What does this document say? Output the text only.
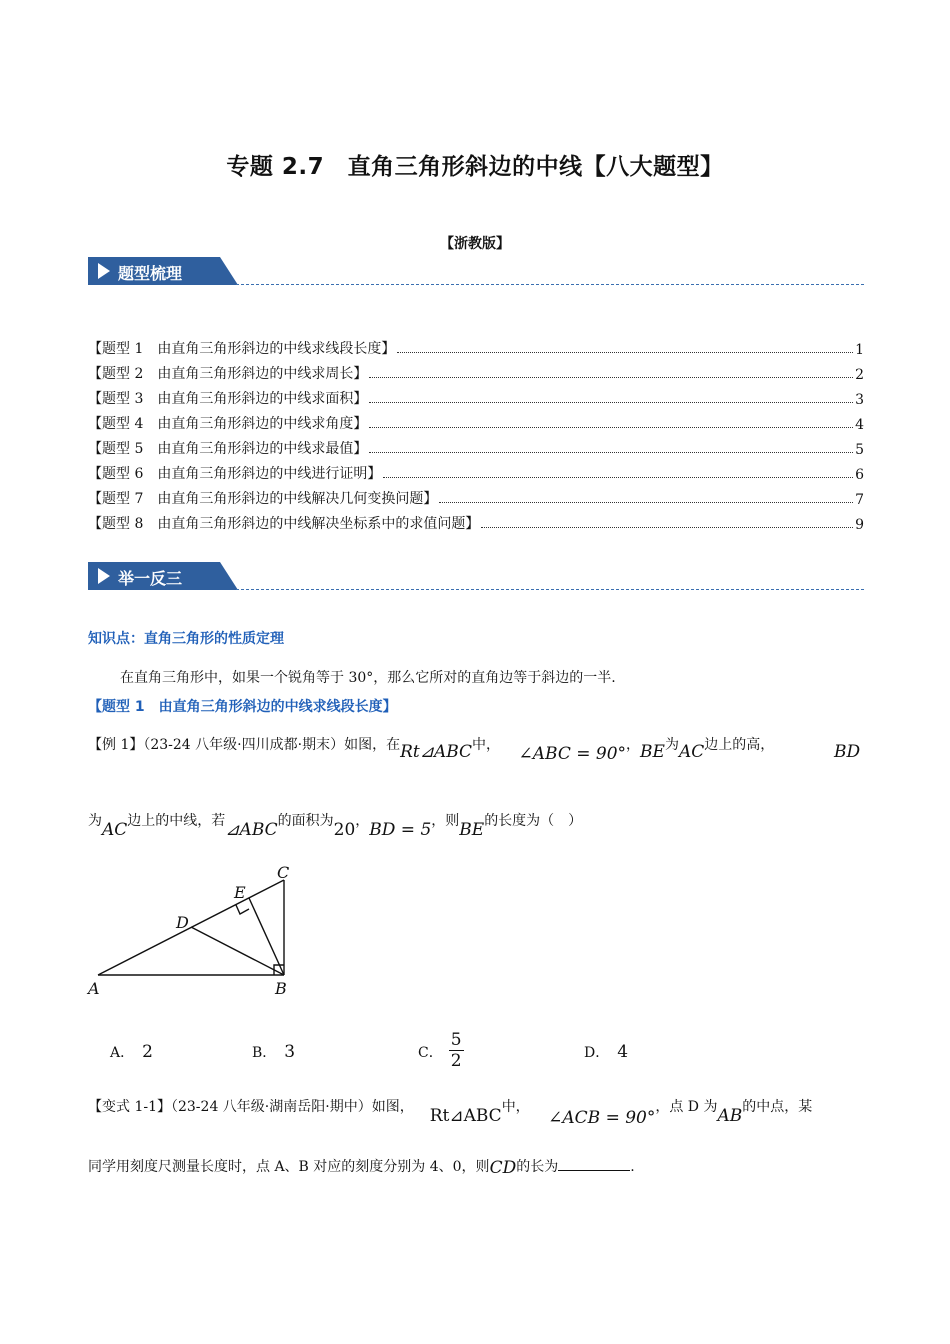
专题 2.7　直角三角形斜边的中线【八大题型】
【浙教版】
题型梳理
【题型 1　由直角三角形斜边的中线求线段长度】	1
【题型 2　由直角三角形斜边的中线求周长】	2
【题型 3　由直角三角形斜边的中线求面积】	3
【题型 4　由直角三角形斜边的中线求角度】	4
【题型 5　由直角三角形斜边的中线求最值】	5
【题型 6　由直角三角形斜边的中线进行证明】	6
【题型 7　由直角三角形斜边的中线解决几何变换问题】	7
【题型 8　由直角三角形斜边的中线解决坐标系中的求值问题】	9
举一反三
知识点：直角三角形的性质定理
在直角三角形中，如果一个锐角等于 30°，那么它所对的直角边等于斜边的一半.
【题型 1　由直角三角形斜边的中线求线段长度】
【例 1】（23-24 八年级·四川成都·期末）如图，在Rt⊿ABC中， ∠ABC = 90°，BE为AC边上的高，	BD
为AC边上的中线，若⊿ABC的面积为20，BD = 5，则BE的长度为（　）
A	B
C
D
E
A． 2	B． 3	C． $\frac{5}{2}$	D． 4
【变式 1-1】（23-24 八年级·湖南岳阳·期中）如图， Rt⊿ABC中， ∠ACB = 90°，点 D 为AB的中点，某
同学用刻度尺测量长度时，点 A、B 对应的刻度分别为 4、0，则CD的长为	.
